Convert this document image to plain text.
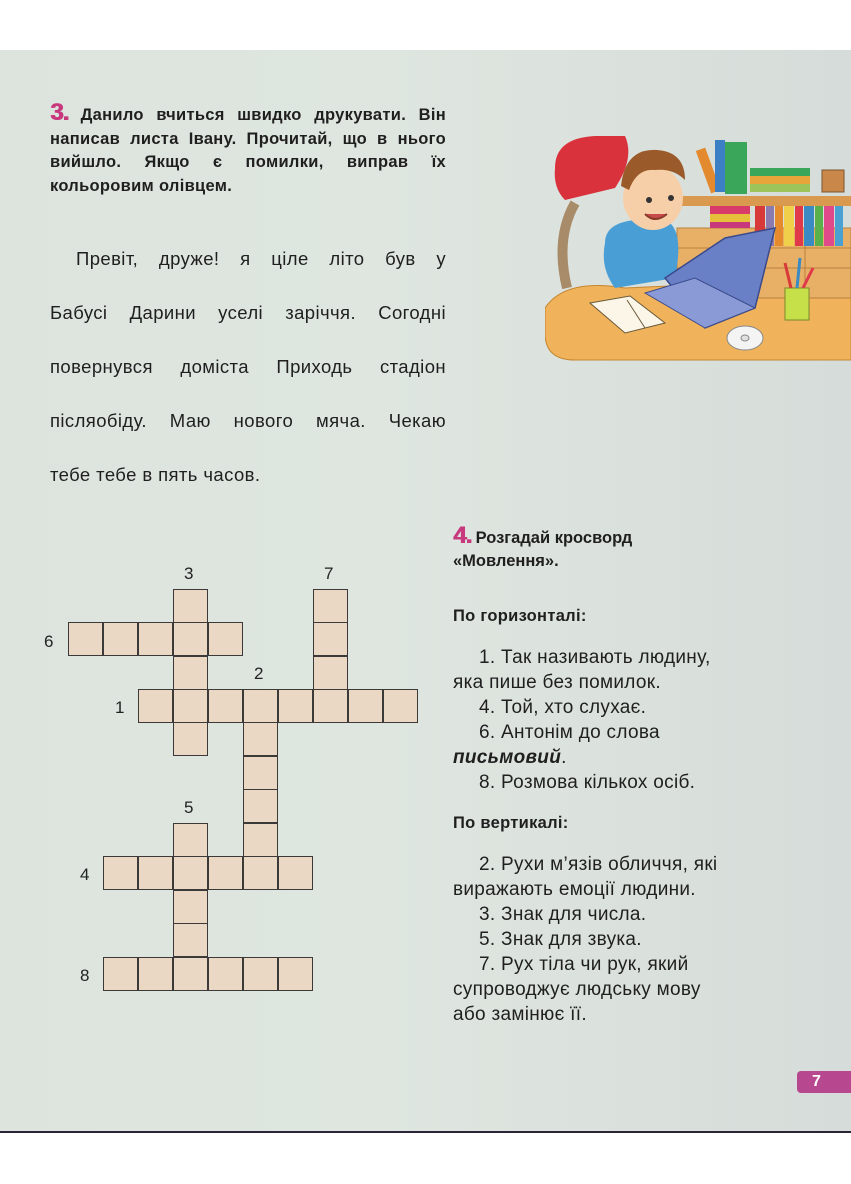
3. Данило вчиться швидко друкувати. Він написав листа Івану. Прочитай, що в нього вийшло. Якщо є помилки, виправ їх кольоровим олівцем.
Превіт, друже! я ціле літо був у
Бабусі Дарини уселі заріччя. Согодні
повернувся доміста Приходь стадіон
післяобіду. Маю нового мяча. Чекаю
тебе тебе в пять часов.
3	7
6
2
1
5
4
8
4. Розгадай кросворд
«Мовлення».
По горизонталі:
1. Так називають людину,
яка пише без помилок.
4. Той, хто слухає.
6. Антонім до слова
письмовий.
8. Розмова кількох осіб.
По вертикалі:
2. Рухи м’язів обличчя, які
виражають емоції людини.
3. Знак для числа.
5. Знак для звука.
7. Рух тіла чи рук, який
супроводжує людську мову
або замінює її.
7
